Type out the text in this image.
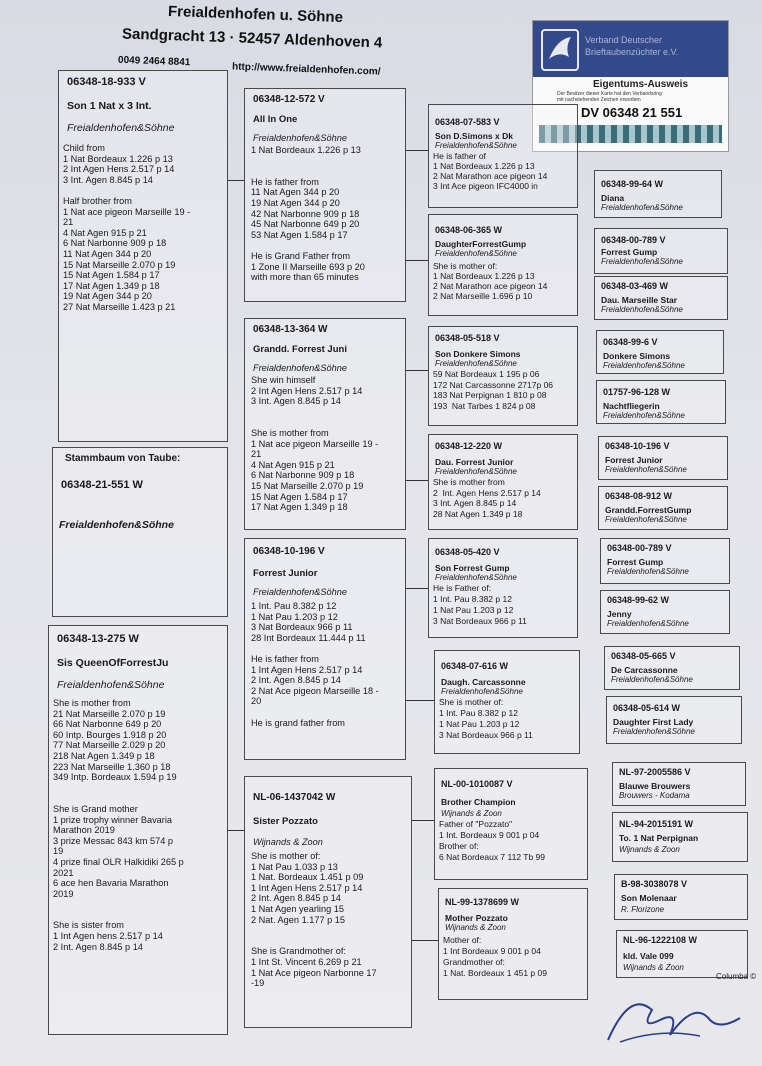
Freialdenhofen u. Söhne
Sandgracht 13 · 52457 Aldenhoven 4
0049 2464 8841	http://www.freialdenhofen.com/
Verband Deutscher
Brieftaubenzüchter e.V.
Eigentums-Ausweis
Der Besitzer dieser Karte hat den Verbandsring
mit nachstehenden Zeichen erworben
DV 06348 21 551
Stammbaum von Taube:
06348-21-551 W
Freialdenhofen&Söhne
06348-18-933 V
Son 1 Nat x 3 Int.
Freialdenhofen&Söhne
Child from
1 Nat Bordeaux 1.226 p 13
2 Int Agen Hens 2.517 p 14
3 Int. Agen 8.845 p 14

Half brother from
1 Nat ace pigeon Marseille 19 -
21
4 Nat Agen 915 p 21
6 Nat Narbonne 909 p 18
11 Nat Agen 344 p 20
15 Nat Marseille 2.070 p 19
15 Nat Agen 1.584 p 17
17 Nat Agen 1.349 p 18
19 Nat Agen 344 p 20
27 Nat Marseille 1.423 p 21
06348-13-275 W
Sis QueenOfForrestJu
Freialdenhofen&Söhne
She is mother from
21 Nat Marseille 2.070 p 19
66 Nat Narbonne 649 p 20
60 Intp. Bourges 1.918 p 20
77 Nat Marseille 2.029 p 20
218 Nat Agen 1.349 p 18
223 Nat Marseille 1.360 p 18
349 Intp. Bordeaux 1.594 p 19

She is Grand mother
1 prize trophy winner Bavaria
Marathon 2019
3 prize Messac 843 km 574 p
19
4 prize final OLR Halkidiki 265 p
2021
6 ace hen Bavaria Marathon
2019

She is sister from
1 Int Agen hens 2.517 p 14
2 Int. Agen 8.845 p 14
06348-12-572 V
All In One
Freialdenhofen&Söhne
1 Nat Bordeaux 1.226 p 13

He is father from
11 Nat Agen 344 p 20
19 Nat Agen 344 p 20
42 Nat Narbonne 909 p 18
45 Nat Narbonne 649 p 20
53 Nat Agen 1.584 p 17

He is Grand Father from
1 Zone II Marseille 693 p 20
with more than 65 minutes
06348-13-364 W
Grandd. Forrest Juni
Freialdenhofen&Söhne
She win himself
2 Int Agen Hens 2.517 p 14
3 Int. Agen 8.845 p 14

She is mother from
1 Nat ace pigeon Marseille 19 -
21
4 Nat Agen 915 p 21
6 Nat Narbonne 909 p 18
15 Nat Marseille 2.070 p 19
15 Nat Agen 1.584 p 17
17 Nat Agen 1.349 p 18
06348-10-196 V
Forrest Junior
Freialdenhofen&Söhne
1 Int. Pau 8.382 p 12
1 Nat Pau 1.203 p 12
3 Nat Bordeaux 966 p 11
28 Int Bordeaux 11.444 p 11

He is father from
1 Int Agen Hens 2.517 p 14
2 Int. Agen 8.845 p 14
2 Nat Ace pigeon Marseille 18 -
20

He is grand father from
NL-06-1437042 W
Sister Pozzato
Wijnands & Zoon
She is mother of:
1 Nat Pau 1.033 p 13
1 Nat. Bordeaux 1.451 p 09
1 Int Agen Hens 2.517 p 14
2 Int. Agen 8.845 p 14
1 Nat Agen yearling 15
2 Nat. Agen 1.177 p 15

She is Grandmother of:
1 Int St. Vincent 6.269 p 21
1 Nat Ace pigeon Narbonne 17
-19
06348-07-583 V
Son D.Simons x Dk
Freialdenhofen&Söhne
He is father of
1 Nat Bordeaux 1.226 p 13
2 Nat Marathon ace pigeon 14
3 Int Ace pigeon IFC4000 in
06348-06-365 W
DaughterForrestGump
Freialdenhofen&Söhne
She is mother of:
1 Nat Bordeaux 1.226 p 13
2 Nat Marathon ace pigeon 14
2 Nat Marseille 1.696 p 10
06348-05-518 V
Son Donkere Simons
Freialdenhofen&Söhne
59 Nat Bordeaux 1 195 p 06
172 Nat Carcassonne 2717p 06
183 Nat Perpignan 1 810 p 08
193  Nat Tarbes 1 824 p 08
06348-12-220 W
Dau. Forrest Junior
Freialdenhofen&Söhne
She is mother from
2  Int. Agen Hens 2.517 p 14
3 Int. Agen 8.845 p 14
28 Nat Agen 1.349 p 18
06348-05-420 V
Son Forrest Gump
Freialdenhofen&Söhne
He is Father of:
1 Int. Pau 8.382 p 12
1 Nat Pau 1.203 p 12
3 Nat Bordeaux 966 p 11
06348-07-616 W
Daugh. Carcassonne
Freialdenhofen&Söhne
She is mother of:
1 Int. Pau 8.382 p 12
1 Nat Pau 1.203 p 12
3 Nat Bordeaux 966 p 11
NL-00-1010087 V
Brother Champion
Wijnands & Zoon
Father of "Pozzato"
1 Int. Bordeaux 9 001 p 04
Brother of:
6 Nat Bordeaux 7 112 Tb 99
NL-99-1378699 W
Mother Pozzato
Wijnands & Zoon
Mother of:
1 Int Bordeaux 9 001 p 04
Grandmother of:
1 Nat. Bordeaux 1 451 p 09
06348-99-64 W
Diana
Freialdenhofen&Söhne
06348-00-789 V
Forrest Gump
Freialdenhofen&Söhne
06348-03-469 W
Dau. Marseille Star
Freialdenhofen&Söhne
06348-99-6 V
Donkere Simons
Freialdenhofen&Söhne
01757-96-128 W
Nachtfliegerin
Freialdenhofen&Söhne
06348-10-196 V
Forrest Junior
Freialdenhofen&Söhne
06348-08-912 W
Grandd.ForrestGump
Freialdenhofen&Söhne
06348-00-789 V
Forrest Gump
Freialdenhofen&Söhne
06348-99-62 W
Jenny
Freialdenhofen&Söhne
06348-05-665 V
De Carcassonne
Freialdenhofen&Söhne
06348-05-614 W
Daughter First Lady
Freialdenhofen&Söhne
NL-97-2005586 V
Blauwe Brouwers
Brouwers - Kodama
NL-94-2015191 W
To. 1 Nat Perpignan
Wijnands & Zoon
B-98-3038078 V
Son Molenaar
R. Florizone
NL-96-1222108 W
kld. Vale 099
Wijnands & Zoon
Columba ©
